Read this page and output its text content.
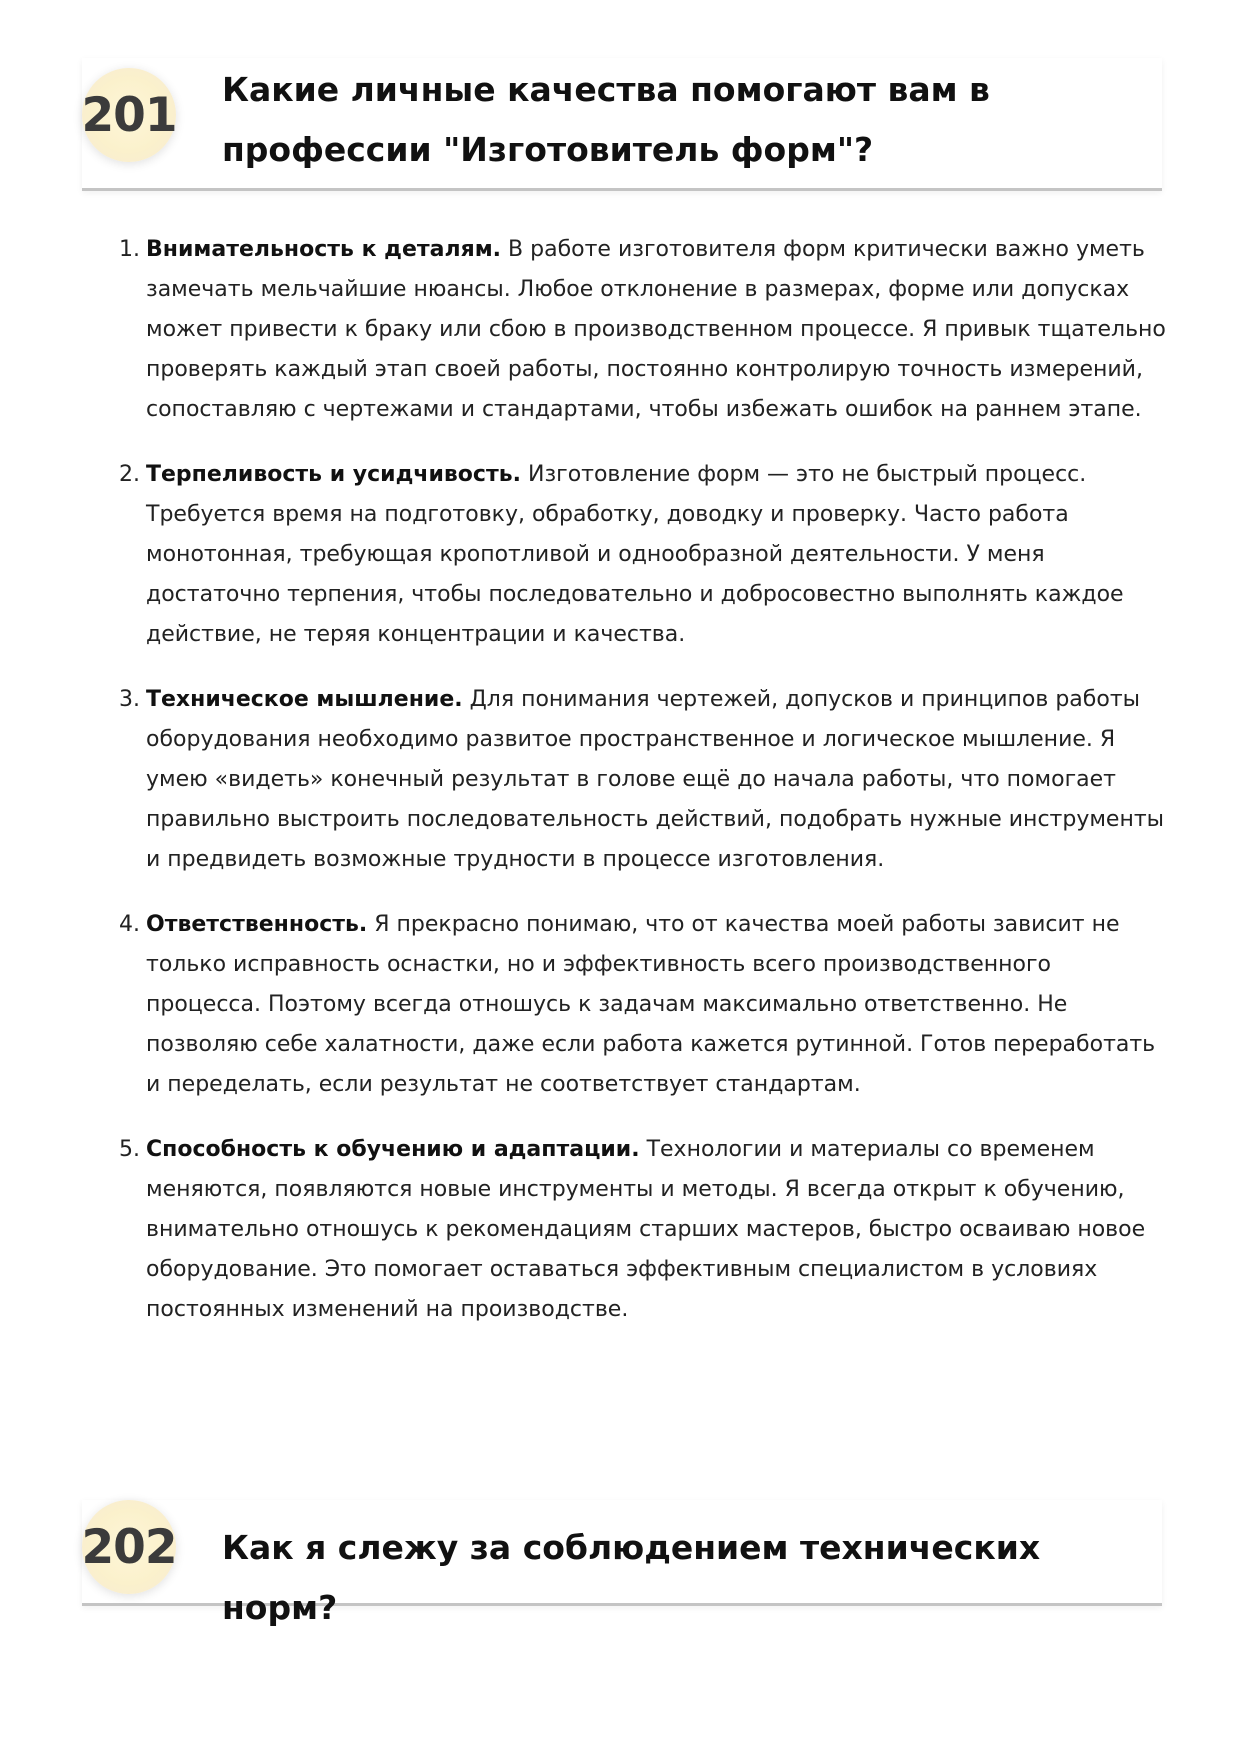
201 Какие личные качества помогают вам в профессии "Изготовитель форм"?
1. Внимательность к деталям. В работе изготовителя форм критически важно уметь замечать мельчайшие нюансы. Любое отклонение в размерах, форме или допусках может привести к браку или сбою в производственном процессе. Я привык тщательно проверять каждый этап своей работы, постоянно контролирую точность измерений, сопоставляю с чертежами и стандартами, чтобы избежать ошибок на раннем этапе.
2. Терпеливость и усидчивость. Изготовление форм — это не быстрый процесс. Требуется время на подготовку, обработку, доводку и проверку. Часто работа монотонная, требующая кропотливой и однообразной деятельности. У меня достаточно терпения, чтобы последовательно и добросовестно выполнять каждое действие, не теряя концентрации и качества.
3. Техническое мышление. Для понимания чертежей, допусков и принципов работы оборудования необходимо развитое пространственное и логическое мышление. Я умею «видеть» конечный результат в голове ещё до начала работы, что помогает правильно выстроить последовательность действий, подобрать нужные инструменты и предвидеть возможные трудности в процессе изготовления.
4. Ответственность. Я прекрасно понимаю, что от качества моей работы зависит не только исправность оснастки, но и эффективность всего производственного процесса. Поэтому всегда отношусь к задачам максимально ответственно. Не позволяю себе халатности, даже если работа кажется рутинной. Готов переработать и переделать, если результат не соответствует стандартам.
5. Способность к обучению и адаптации. Технологии и материалы со временем меняются, появляются новые инструменты и методы. Я всегда открыт к обучению, внимательно отношусь к рекомендациям старших мастеров, быстро осваиваю новое оборудование. Это помогает оставаться эффективным специалистом в условиях постоянных изменений на производстве.
202 Как я слежу за соблюдением технических норм?
